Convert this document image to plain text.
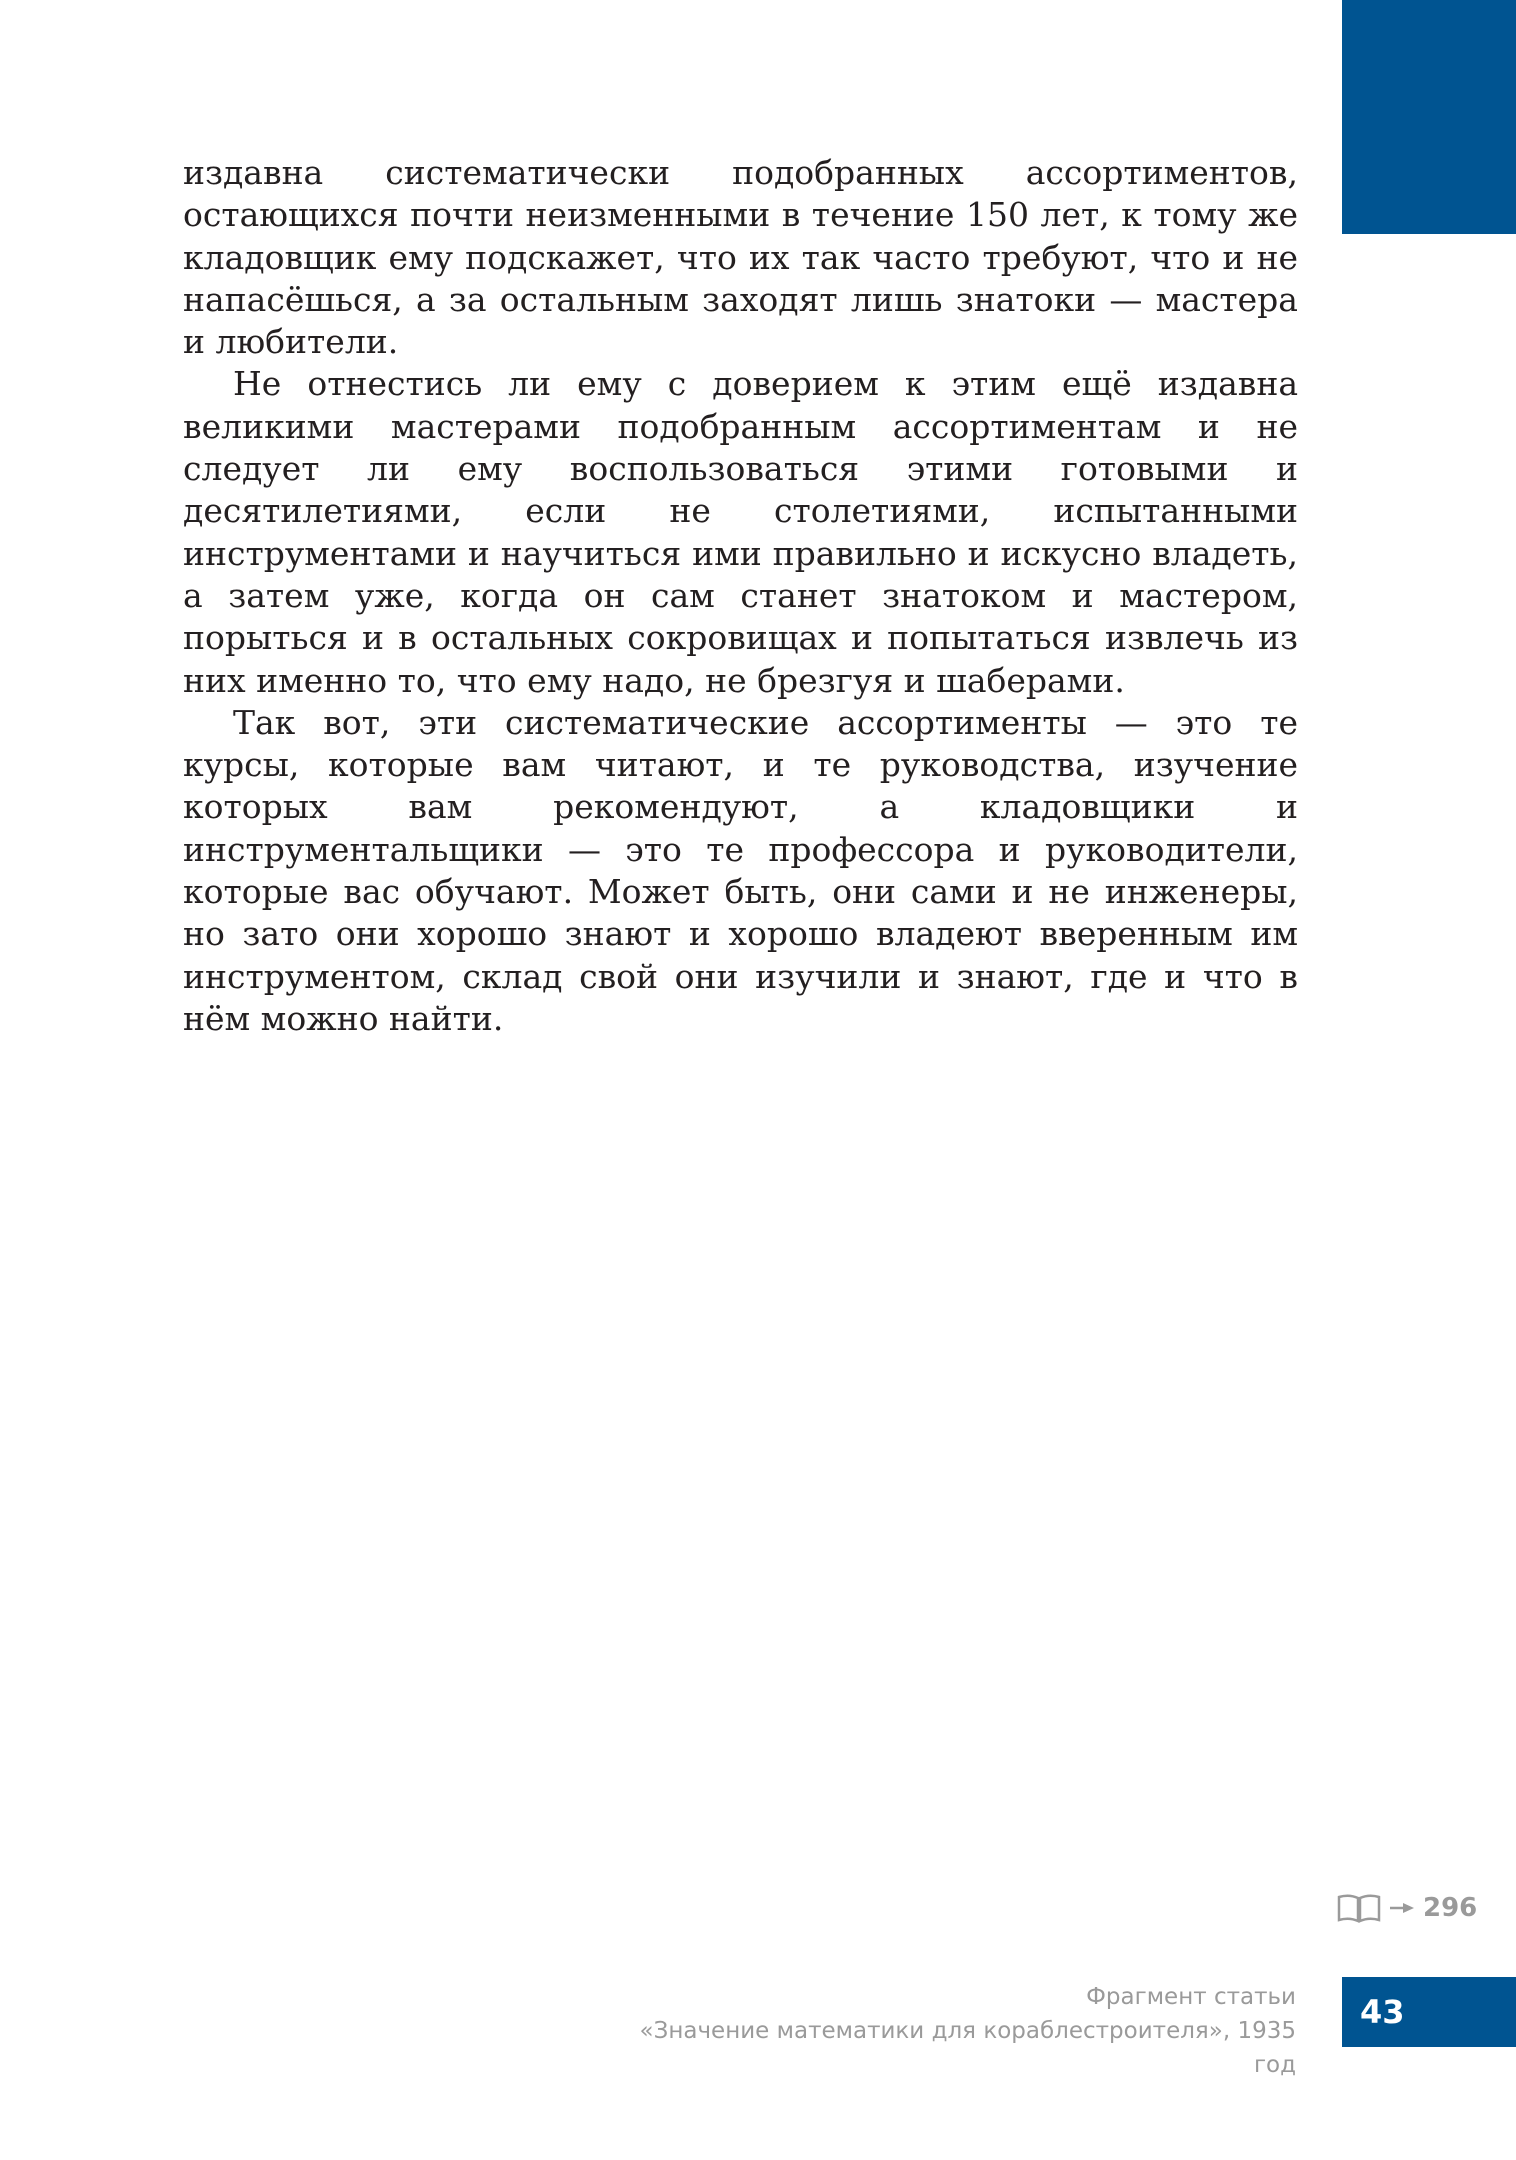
издавна систематически подобранных ассортиментов, остающихся почти неизменными в течение 150 лет, к тому же кладовщик ему подскажет, что их так часто требуют, что и не напасёшься, а за остальным заходят лишь знатоки — мастера и любители.

Не отнестись ли ему с доверием к этим ещё издавна великими мастерами подобранным ассортиментам и не следует ли ему воспользоваться этими готовыми и десятилетиями, если не столетиями, испытанными инструментами и научиться ими правильно и искусно владеть, а затем уже, когда он сам станет знатоком и мастером, порыться и в остальных сокровищах и попытаться извлечь из них именно то, что ему надо, не брезгуя и шаберами.

Так вот, эти систематические ассортименты — это те курсы, которые вам читают, и те руководства, изучение которых вам рекомендуют, а кладовщики и инструментальщики — это те профессора и руководители, которые вас обучают. Может быть, они сами и не инженеры, но зато они хорошо знают и хорошо владеют вверенным им инструментом, склад свой они изучили и знают, где и что в нём можно найти.

296
Фрагмент статьи
«Значение математики для кораблестроителя», 1935 год
43
